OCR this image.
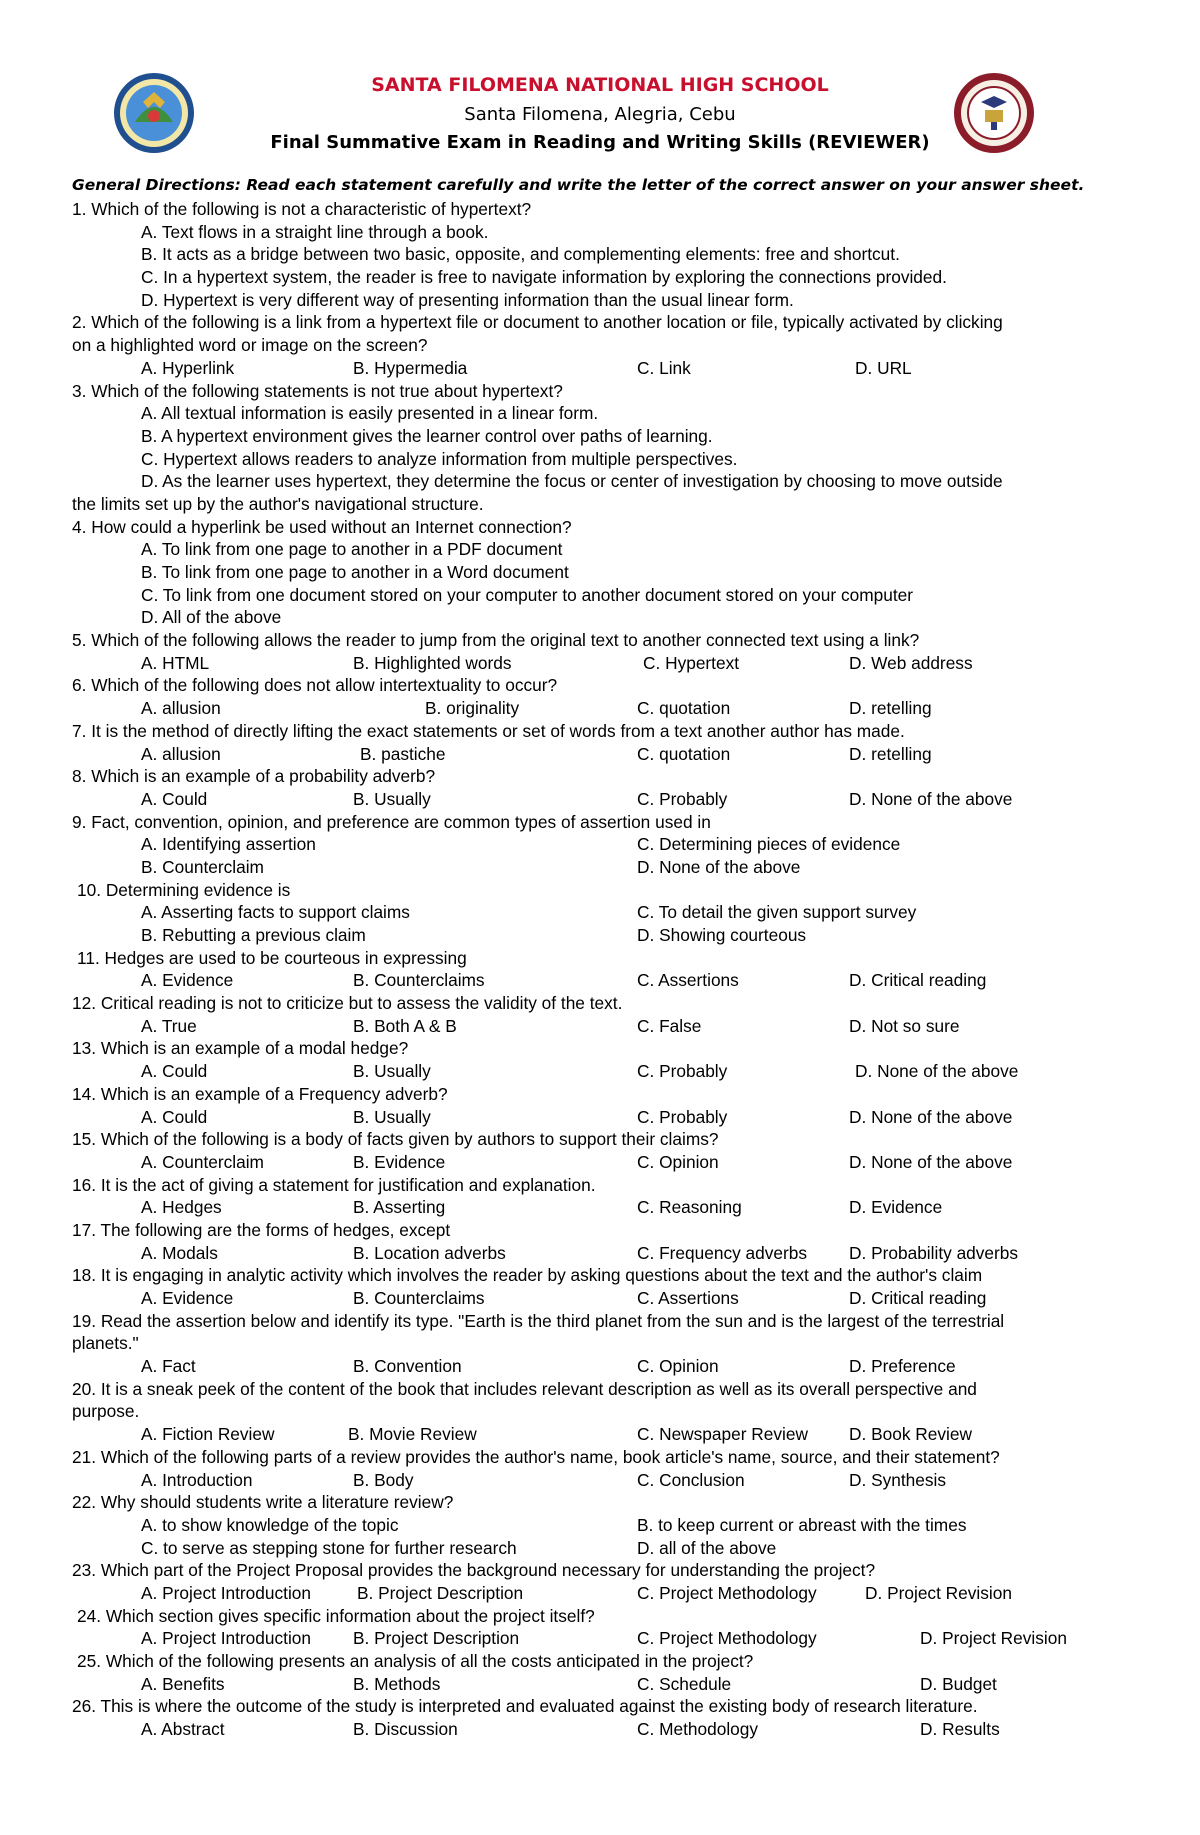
SANTA FILOMENA NATIONAL HIGH SCHOOL
Santa Filomena, Alegria, Cebu
Final Summative Exam in Reading and Writing Skills (REVIEWER)
General Directions: Read each statement carefully and write the letter of the correct answer on your answer sheet.
1. Which of the following is not a characteristic of hypertext?
A. Text flows in a straight line through a book.
B. It acts as a bridge between two basic, opposite, and complementing elements: free and shortcut.
C. In a hypertext system, the reader is free to navigate information by exploring the connections provided.
D. Hypertext is very different way of presenting information than the usual linear form.
2. Which of the following is a link from a hypertext file or document to another location or file, typically activated by clicking
on a highlighted word or image on the screen?
A. Hyperlink	B. Hypermedia	C. Link	D. URL
3. Which of the following statements is not true about hypertext?
A. All textual information is easily presented in a linear form.
B. A hypertext environment gives the learner control over paths of learning.
C. Hypertext allows readers to analyze information from multiple perspectives.
D. As the learner uses hypertext, they determine the focus or center of investigation by choosing to move outside
the limits set up by the author's navigational structure.
4. How could a hyperlink be used without an Internet connection?
A. To link from one page to another in a PDF document
B. To link from one page to another in a Word document
C. To link from one document stored on your computer to another document stored on your computer
D. All of the above
5. Which of the following allows the reader to jump from the original text to another connected text using a link?
A. HTML	B. Highlighted words	C. Hypertext	D. Web address
6. Which of the following does not allow intertextuality to occur?
A. allusion	B. originality	C. quotation	D. retelling
7. It is the method of directly lifting the exact statements or set of words from a text another author has made.
A. allusion	B. pastiche	C. quotation	D. retelling
8. Which is an example of a probability adverb?
A. Could	B. Usually	C. Probably	D. None of the above
9. Fact, convention, opinion, and preference are common types of assertion used in
A. Identifying assertion	C. Determining pieces of evidence
B. Counterclaim	D. None of the above
10. Determining evidence is
A. Asserting facts to support claims	C. To detail the given support survey
B. Rebutting a previous claim	D. Showing courteous
11. Hedges are used to be courteous in expressing
A. Evidence	B. Counterclaims	C. Assertions	D. Critical reading
12. Critical reading is not to criticize but to assess the validity of the text.
A. True	B. Both A & B	C. False	D. Not so sure
13. Which is an example of a modal hedge?
A. Could	B. Usually	C. Probably	D. None of the above
14. Which is an example of a Frequency adverb?
A. Could	B. Usually	C. Probably	D. None of the above
15. Which of the following is a body of facts given by authors to support their claims?
A. Counterclaim	B. Evidence	C. Opinion	D. None of the above
16. It is the act of giving a statement for justification and explanation.
A. Hedges	B. Asserting	C. Reasoning	D. Evidence
17. The following are the forms of hedges, except
A. Modals	B. Location adverbs	C. Frequency adverbs D. Probability adverbs
18. It is engaging in analytic activity which involves the reader by asking questions about the text and the author's claim
A. Evidence	B. Counterclaims	C. Assertions	D. Critical reading
19. Read the assertion below and identify its type. "Earth is the third planet from the sun and is the largest of the terrestrial
planets."
A. Fact	B. Convention	C. Opinion	D. Preference
20. It is a sneak peek of the content of the book that includes relevant description as well as its overall perspective and
purpose.
A. Fiction Review	B. Movie Review	C. Newspaper Review D. Book Review
21. Which of the following parts of a review provides the author's name, book article's name, source, and their statement?
A. Introduction	B. Body	C. Conclusion	D. Synthesis
22. Why should students write a literature review?
A. to show knowledge of the topic	B. to keep current or abreast with the times
C. to serve as stepping stone for further research	D. all of the above
23. Which part of the Project Proposal provides the background necessary for understanding the project?
A. Project Introduction	B. Project Description	C. Project Methodology	D. Project Revision
24. Which section gives specific information about the project itself?
A. Project Introduction B. Project Description	C. Project Methodology	D. Project Revision
25. Which of the following presents an analysis of all the costs anticipated in the project?
A. Benefits	B. Methods	C. Schedule	D. Budget
26. This is where the outcome of the study is interpreted and evaluated against the existing body of research literature.
A. Abstract	B. Discussion	C. Methodology	D. Results
